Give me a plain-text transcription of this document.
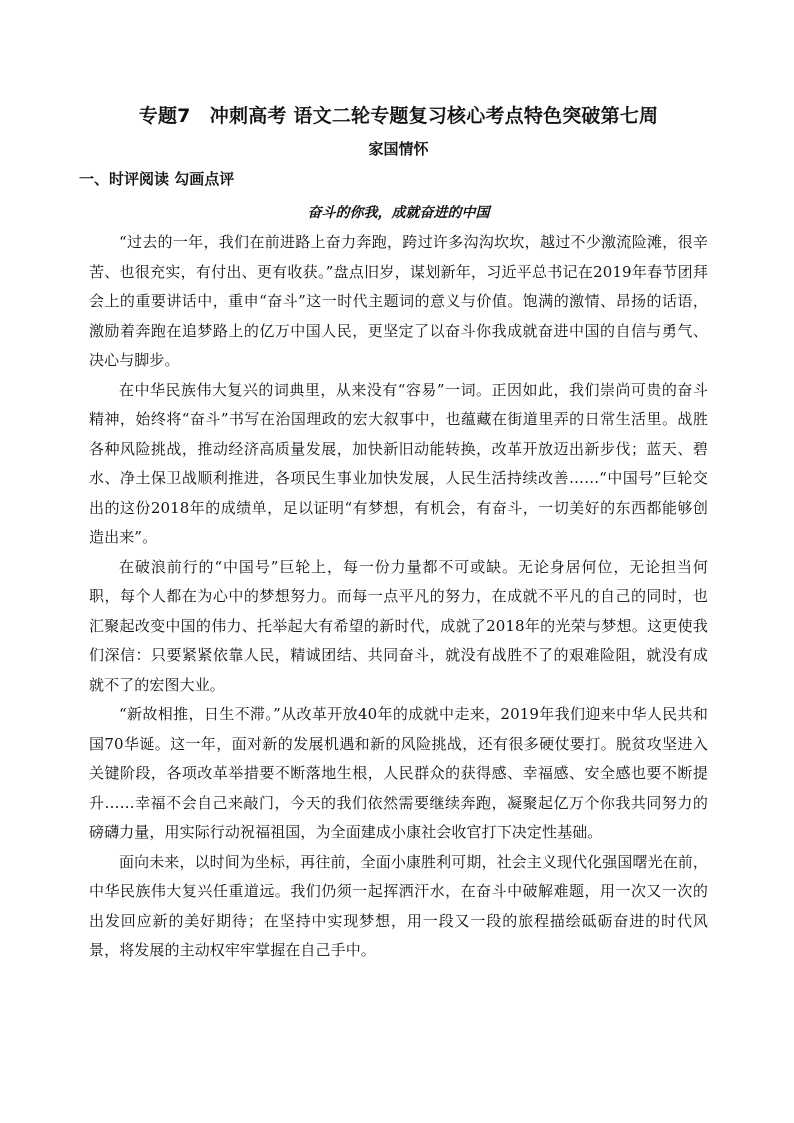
专题7　冲刺高考 语文二轮专题复习核心考点特色突破第七周
家国情怀
一、时评阅读 勾画点评
奋斗的你我，成就奋进的中国

“过去的一年，我们在前进路上奋力奔跑，跨过许多沟沟坎坎，越过不少激流险滩，很辛苦、也很充实，有付出、更有收获。”盘点旧岁，谋划新年，习近平总书记在2019年春节团拜会上的重要讲话中，重申“奋斗”这一时代主题词的意义与价值。饱满的激情、昂扬的话语，激励着奔跑在追梦路上的亿万中国人民，更坚定了以奋斗你我成就奋进中国的自信与勇气、决心与脚步。

在中华民族伟大复兴的词典里，从来没有“容易”一词。正因如此，我们崇尚可贵的奋斗精神，始终将“奋斗”书写在治国理政的宏大叙事中，也蕴藏在街道里弄的日常生活里。战胜各种风险挑战，推动经济高质量发展，加快新旧动能转换，改革开放迈出新步伐；蓝天、碧水、净土保卫战顺利推进，各项民生事业加快发展，人民生活持续改善……“中国号”巨轮交出的这份2018年的成绩单，足以证明“有梦想，有机会，有奋斗，一切美好的东西都能够创造出来”。

在破浪前行的“中国号”巨轮上，每一份力量都不可或缺。无论身居何位，无论担当何职，每个人都在为心中的梦想努力。而每一点平凡的努力，在成就不平凡的自己的同时，也汇聚起改变中国的伟力、托举起大有希望的新时代，成就了2018年的光荣与梦想。这更使我们深信：只要紧紧依靠人民，精诚团结、共同奋斗，就没有战胜不了的艰难险阻，就没有成就不了的宏图大业。

“新故相推，日生不滞。”从改革开放40年的成就中走来，2019年我们迎来中华人民共和国70华诞。这一年，面对新的发展机遇和新的风险挑战，还有很多硬仗要打。脱贫攻坚进入关键阶段，各项改革举措要不断落地生根，人民群众的获得感、幸福感、安全感也要不断提升……幸福不会自己来敲门，今天的我们依然需要继续奔跑，凝聚起亿万个你我共同努力的磅礴力量，用实际行动祝福祖国，为全面建成小康社会收官打下决定性基础。

面向未来，以时间为坐标，再往前，全面小康胜利可期，社会主义现代化强国曙光在前，中华民族伟大复兴任重道远。我们仍须一起挥洒汗水，在奋斗中破解难题，用一次又一次的出发回应新的美好期待；在坚持中实现梦想，用一段又一段的旅程描绘砥砺奋进的时代风景，将发展的主动权牢牢掌握在自己手中。
